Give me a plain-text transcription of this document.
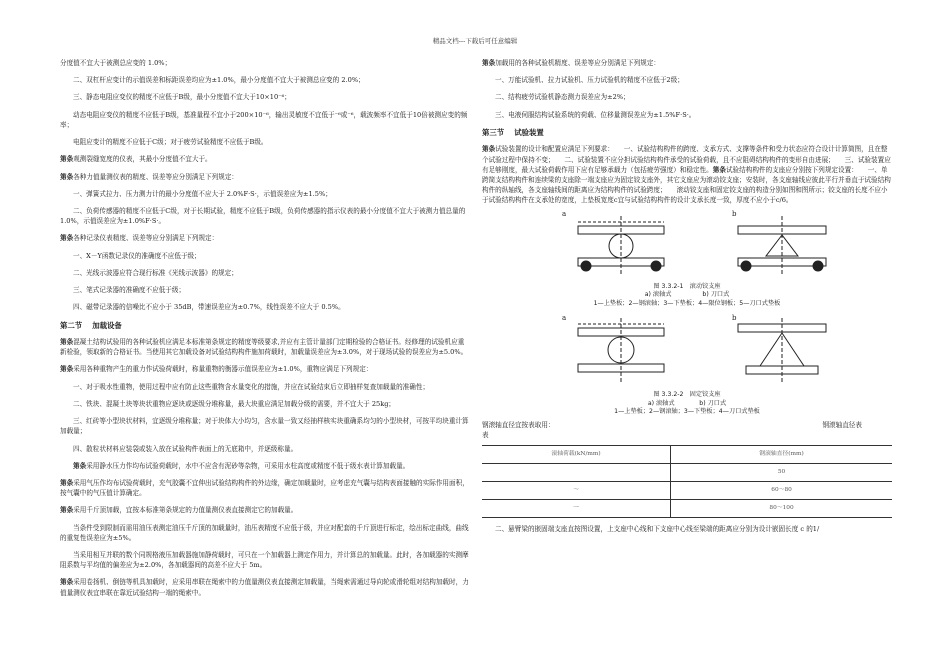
精品文档---下载后可任意编辑

分度值不宜大于被测总应变的 1.0%；

二、双杠杆应变计的示值误差和标距误差均应为±1.0%，最小分度值不宜大于被测总应变的 2.0%；

三、静态电阻应变仪的精度不应低于B级，最小分度值不宜大于10×10⁻⁶；

动态电阻应变仪的精度不应低于B级，基准量程不宜小于200×10⁻⁶，输出灵敏度不宜低于⁻⁶或⁻⁶，载波频率不宜低于10倍被测应变的频率；

电阻应变计的精度不应低于C级；对于疲劳试验精度不应低于B级。

第条观测裂缝宽度的仪表，其最小分度值不宜大于。

第条各种力值量测仪表的精度、误差等应分别满足下列规定：

一、弹簧式拉力、压力测力计的最小分度值不应大于 2.0%F·S·，示值误差应为±1.5%；

二、负荷传感器的精度不应低于C级，对于长期试验，精度不应低于B级，负荷传感器的指示仪表的最小分度值不宜大于被测力值总量的1.0%，示值误差应为±1.0%F·S·。

第条各种记录仪表精度、误差等应分别满足下列规定：

一、X－Y函数记录仪的准确度不应低于级；

二、光线示波器应符合现行标准《光线示波器》的规定；

三、笔式记录器的准确度不应低于级；

四、磁带记录器的信噪比不应小于 35dB，带速误差应为±0.7%，线性误差不应大于 0.5%。

第二节 加载设备

第条混凝土结构试验用的各种试验机应满足本标准第条规定的精度等级要求,并应有主管计量部门定期检验的合格证书。经修理的试验机应重新检验，领取新的合格证书。当使用其它加载设备对试验结构构件施加荷载时，加载量误差应为±3.0%，对于现场试验的误差应为±5.0%。

第条采用各种重物产生的重力作试验荷载时，称量重物的衡器示值误差应为±1.0%，重物应满足下列规定：

一、对于吸水性重物，使用过程中应有防止这些重物含水量变化的措施，并应在试验结束后立即抽样复查加载量的准确性；

二、铁块、混凝土块等块状重物应逐块或逐级分堆称量，最大块重应满足加载分级的需要，并不宜大于 25kg；

三、红砖等小型块状材料，宜逐级分堆称量；对于块体大小均匀，含水量一致又经抽样核实块重确系均匀的小型块材，可按平均块重计算加载量；

四、散粒状材料应装袋或装入放在试验构件表面上的无底箱中，并逐级称量。

第条采用静水压力作均布试验荷载时，水中不应含有泥砂等杂物，可采用水柱高度或精度不低于级水表计算加载量。

第条采用气压作均布试验荷载时，充气胶囊不宜伸出试验结构构件的外边缘，确定加载量时，应考虑充气囊与结构表面接触的实际作用面积，按气囊中的气压值计算确定。

第条采用千斤顶加载，宜按本标准第条规定的力值量测仪表直接测定它的加载量。

当条件受到限制而需用油压表测定油压千斤顶的加载量时，油压表精度不应低于级，并应对配套的千斤顶进行标定，绘出标定曲线，曲线的重复性误差应为±5%。

当采用相互并联的数个同规格液压加载器施加静荷载时，可只在一个加载器上测定作用力，并计算总的加载量。此时，各加载器的实测摩阻系数与平均值的偏差应为±2.0%，各加载器间的高差不应大于 5m。

第条采用卷扬机、倒链等机具加载时，应采用串联在绳索中的力值量测仪表直接测定加载量，当绳索需通过导向轮或滑轮组对结构加载时，力值量测仪表宜串联在靠近试验结构一端的绳索中。

第条加载用的各种试验机精度、误差等应分别满足下列规定：

一、万能试验机、拉力试验机、压力试验机的精度不应低于2级；

二、结构疲劳试验机静态测力误差应为±2%；

三、电液伺服结构试验系统的荷载、位移量测误差应为±1.5%F·S·。

第三节 试验装置

第条试验装置的设计和配置应满足下列要求：　　一、试验结构构件的跨度、支承方式、支撑等条件和受力状态应符合设计计算简图，且在整个试验过程中保持不变；　　二、试验装置不应分担试验结构构件承受的试验荷载，且不应阻碍结构构件的变形自由进展；　　三、试验装置应有足够刚度，最大试验荷载作用下应有足够承载力（包括疲劳强度）和稳定性。第条试验结构构件的支座应分别按下列规定设置：　　一、单跨简支结构构件和连续梁的支座除一端支座应为固定铰支座外，其它支座应为滚动铰支座；安装时，各支座轴线应彼此平行并垂直于试验结构构件的纵轴线，各支座轴线间的距离应为结构构件的试验跨度；　　滚动铰支座和固定铰支座的构造分别如图和图所示；铰支座的长度不应小于试验结构构件在支承处的宽度，上垫板宽度c宜与试验结构构件的设计支承长度一致，厚度不应小于c/6。

a	b
图 3.3.2-1　滚动铰支座
a) 滚轴式　　　　　b) 刀口式
1—上垫板；2—钢滚轴；3—下垫板；4—限位钢板；5—刀口式垫板
a	b
图 3.3.2-2　固定铰支座
a) 滚轴式　　　　b) 刀口式
1—上垫板；2—钢滚轴；3—下垫板；4—刀口式垫板
钢滚轴直径宜按表取用：	钢滚轴直径表
表
滚轴荷载(kN/mm)	钢滚轴直径(mm)
	50
～	60～80
一	80～100

二、悬臂梁的嵌固端支座直按图设置，上支座中心线和下支座中心线至梁端的距离应分别为设计嵌固长度 c 的1/
